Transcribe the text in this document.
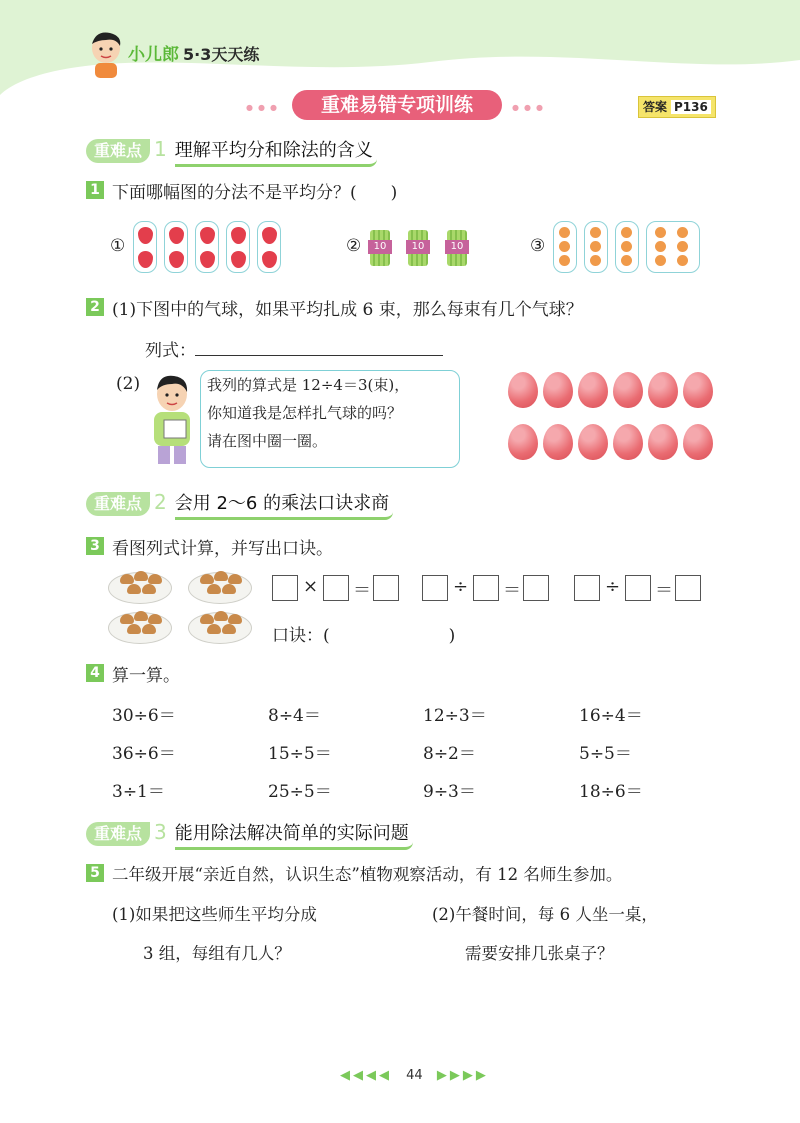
小儿郎 5·3天天练
●●●	重难易错专项训练	●●●	答案 P136
重难点 1 理解平均分和除法的含义
1 下面哪幅图的分法不是平均分？(　　)
①	②	10	10	10	③
2 (1)下图中的气球，如果平均扎成 6 束，那么每束有几个气球？
列式：
(2)	我列的算式是 12÷4＝3(束)，

你知道我是怎样扎气球的吗？

请在图中圈一圈。

重难点 2 会用 2～6 的乘法口诀求商
3 看图列式计算，并写出口诀。
× ＝	÷ ＝	÷ ＝
口诀：(　　　　　　　)
4 算一算。
30÷6＝	8÷4＝	12÷3＝	16÷4＝
36÷6＝	15÷5＝	8÷2＝	5÷5＝
3÷1＝	25÷5＝	9÷3＝	18÷6＝
重难点 3 能用除法解决简单的实际问题
5 二年级开展“亲近自然，认识生态”植物观察活动，有 12 名师生参加。
(1)如果把这些师生平均分成
3 组，每组有几人？
(2)午餐时间，每 6 人坐一桌，
需要安排几张桌子？
◀◀◀◀ 44 ▶▶▶▶
